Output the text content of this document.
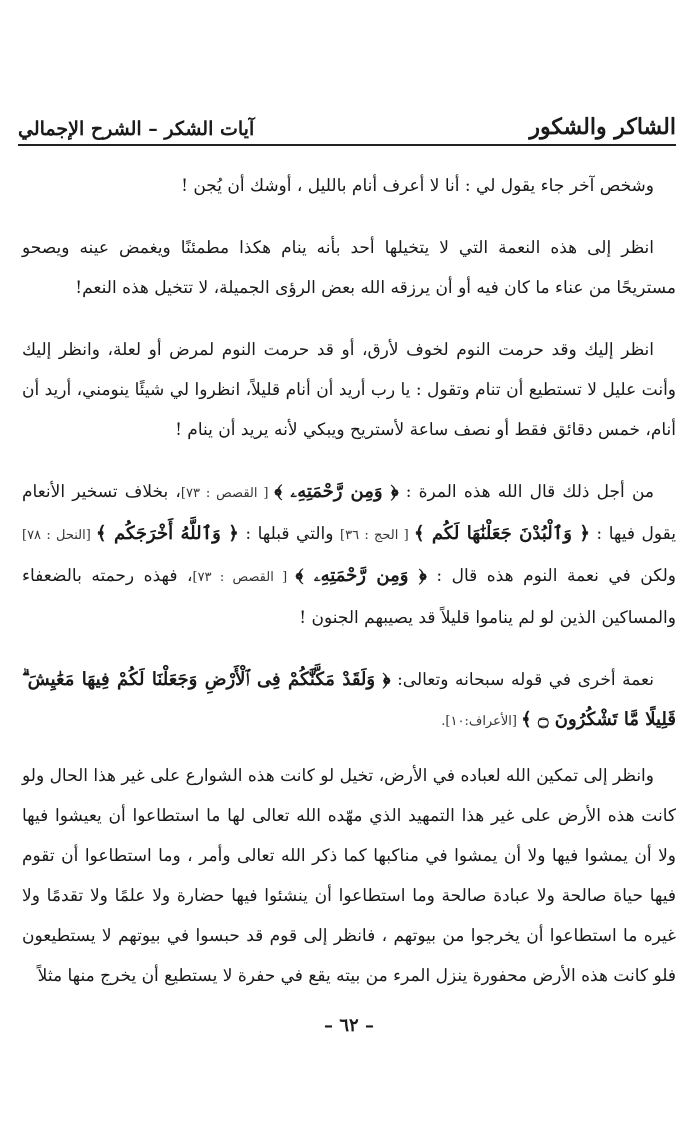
الشاكر والشكور
آيات الشكر – الشرح الإجمالي

وشخص آخر جاء يقول لي : أنا لا أعرف أنام بالليل ، أوشك أن يُجن !

انظر إلى هذه النعمة التي لا يتخيلها أحد بأنه ينام هكذا مطمئنًا ويغمض عينه ويصحو مستريحًا من عناء ما كان فيه أو أن يرزقه الله بعض الرؤى الجميلة، لا تتخيل هذه النعم!

انظر إليك وقد حرمت النوم لخوف لأرق، أو قد حرمت النوم لمرض أو لعلة، وانظر إليك وأنت عليل لا تستطيع أن تنام وتقول : يا رب أريد أن أنام قليلاً، انظروا لي شيئًا ينومني، أريد أن أنام، خمس دقائق فقط أو نصف ساعة لأستريح ويبكي لأنه يريد أن ينام !

من أجل ذلك قال الله هذه المرة : ﴿ وَمِن رَّحْمَتِهِۦ ﴾ [ القصص : ٧٣]، بخلاف تسخير الأنعام يقول فيها : ﴿ وَٱلْبُدْنَ جَعَلْنَٰهَا لَكُم ﴾ [ الحج : ٣٦] والتي قبلها : ﴿ وَٱللَّهُ أَخْرَجَكُم ﴾ [النحل : ٧٨] ولكن في نعمة النوم هذه قال : ﴿ وَمِن رَّحْمَتِهِۦ ﴾ [ القصص : ٧٣]، فهذه رحمته بالضعفاء والمساكين الذين لو لم يناموا قليلاً قد يصيبهم الجنون !

نعمة أخرى في قوله سبحانه وتعالى: ﴿ وَلَقَدْ مَكَّنَّٰكُمْ فِى ٱلْأَرْضِ وَجَعَلْنَا لَكُمْ فِيهَا مَعَٰيِشَ ۗ قَلِيلًا مَّا تَشْكُرُونَ ۝ ﴾ [الأعراف:١٠].

وانظر إلى تمكين الله لعباده في الأرض، تخيل لو كانت هذه الشوارع على غير هذا الحال ولو كانت هذه الأرض على غير هذا التمهيد الذي مهّده الله تعالى لها ما استطاعوا أن يعيشوا فيها ولا أن يمشوا فيها ولا أن يمشوا في مناكبها كما ذكر الله تعالى وأمر ، وما استطاعوا أن تقوم فيها حياة صالحة ولا عبادة صالحة وما استطاعوا أن ينشئوا فيها حضارة ولا علمًا ولا تقدمًا ولا غيره ما استطاعوا أن يخرجوا من بيوتهم ، فانظر إلى قوم قد حبسوا في بيوتهم لا يستطيعون فلو كانت هذه الأرض محفورة ينزل المرء من بيته يقع في حفرة لا يستطيع أن يخرج منها مثلاً

– ٦٢ –
